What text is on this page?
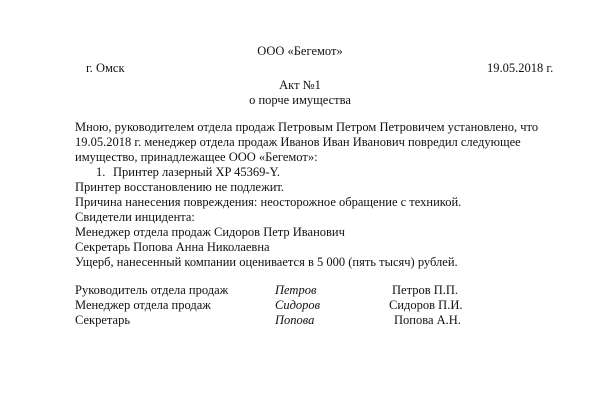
ООО «Бегемот»
г. Омск	19.05.2018 г.
Акт №1
о порче имущества
Мною, руководителем отдела продаж Петровым Петром Петровичем установлено, что
19.05.2018 г. менеджер отдела продаж Иванов Иван Иванович повредил следующее
имущество, принадлежащее ООО «Бегемот»:
1. Принтер лазерный XP 45369-Y.
Принтер восстановлению не подлежит.
Причина нанесения повреждения: неосторожное обращение с техникой.
Свидетели инцидента:
Менеджер отдела продаж Сидоров Петр Иванович
Секретарь Попова Анна Николаевна
Ущерб, нанесенный компании оценивается в 5 000 (пять тысяч) рублей.
Руководитель отдела продаж	Петров	Петров П.П.
Менеджер отдела продаж	Сидоров	Сидоров П.И.
Секретарь	Попова	Попова А.Н.
